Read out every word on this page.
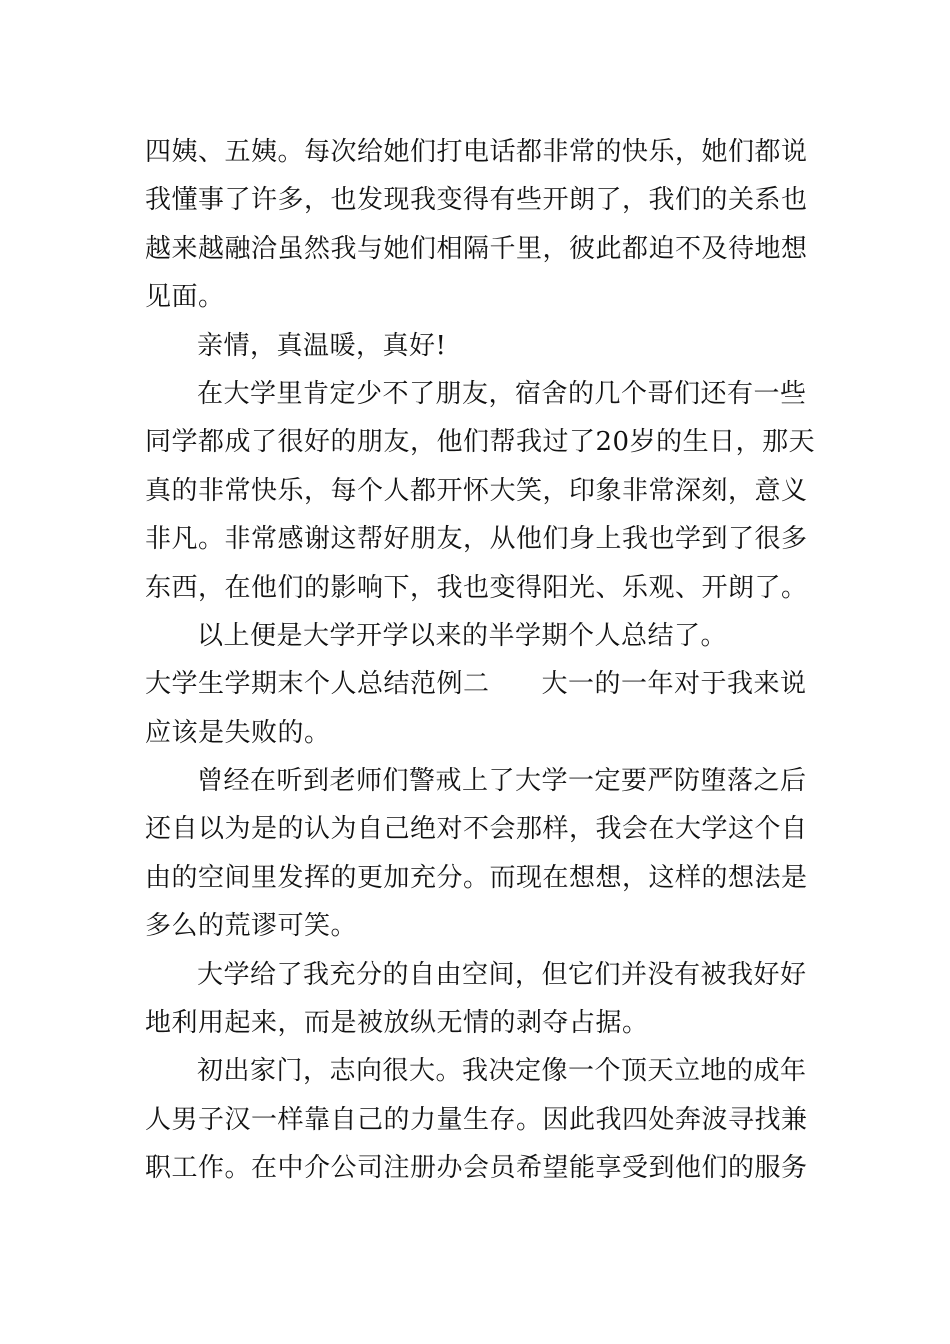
四姨、五姨。每次给她们打电话都非常的快乐，她们都说
我懂事了许多，也发现我变得有些开朗了，我们的关系也
越来越融洽虽然我与她们相隔千里，彼此都迫不及待地想
见面。
亲情，真温暖，真好!
在大学里肯定少不了朋友，宿舍的几个哥们还有一些
同学都成了很好的朋友，他们帮我过了20岁的生日，那天
真的非常快乐，每个人都开怀大笑，印象非常深刻，意义
非凡。非常感谢这帮好朋友，从他们身上我也学到了很多
东西，在他们的影响下，我也变得阳光、乐观、开朗了。
以上便是大学开学以来的半学期个人总结了。
大学生学期末个人总结范例二 大一的一年对于我来说
应该是失败的。
曾经在听到老师们警戒上了大学一定要严防堕落之后
还自以为是的认为自己绝对不会那样，我会在大学这个自
由的空间里发挥的更加充分。而现在想想，这样的想法是
多么的荒谬可笑。
大学给了我充分的自由空间，但它们并没有被我好好
地利用起来，而是被放纵无情的剥夺占据。
初出家门，志向很大。我决定像一个顶天立地的成年
人男子汉一样靠自己的力量生存。因此我四处奔波寻找兼
职工作。在中介公司注册办会员希望能享受到他们的服务
